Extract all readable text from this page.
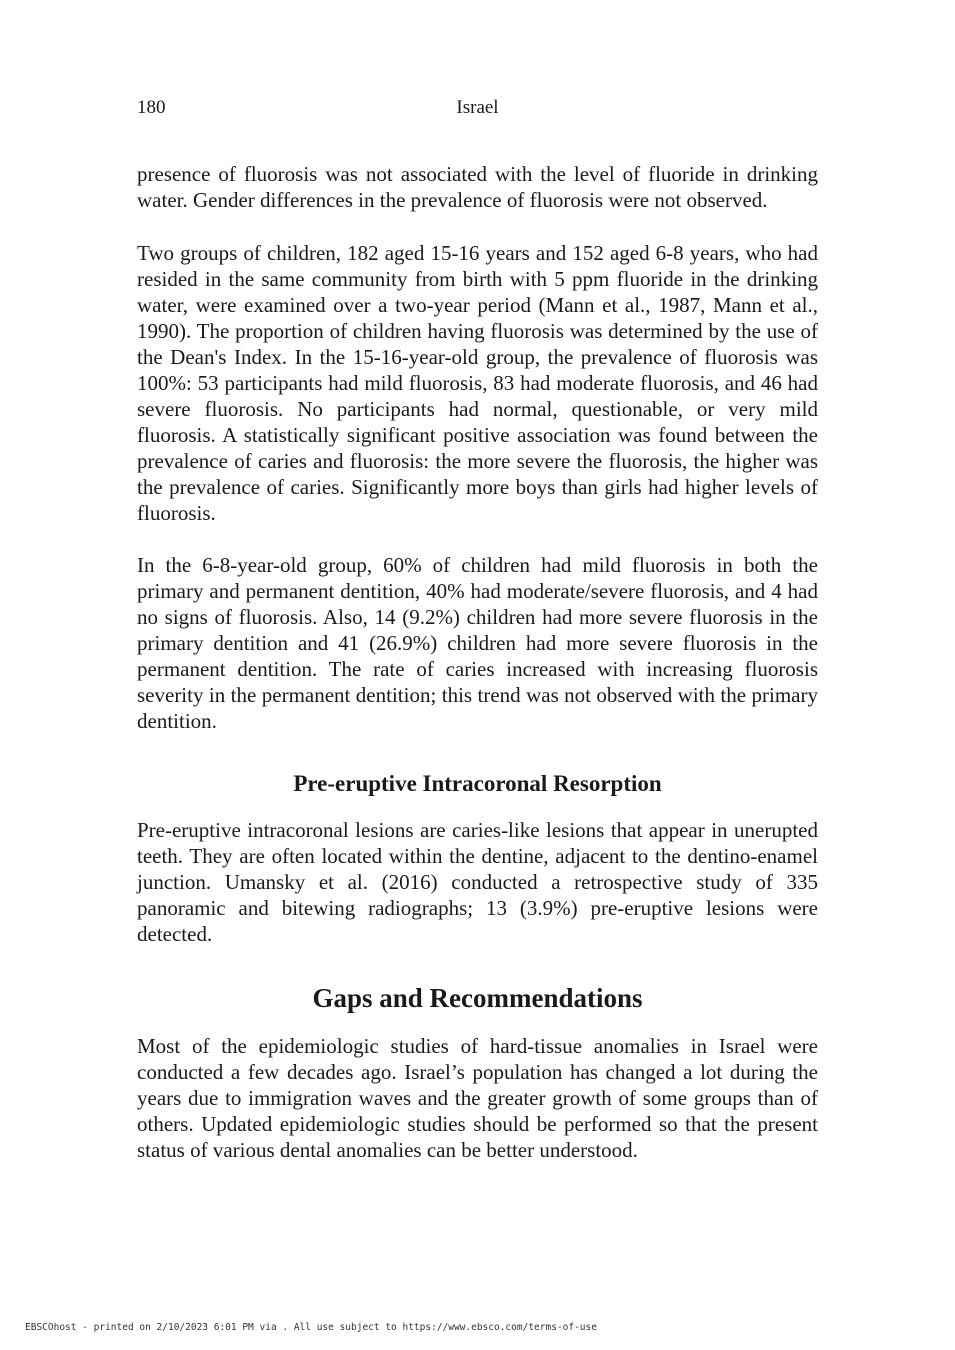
Israel
180

presence of fluorosis was not associated with the level of fluoride in drinking water. Gender differences in the prevalence of fluorosis were not observed.

Two groups of children, 182 aged 15-16 years and 152 aged 6-8 years, who had resided in the same community from birth with 5 ppm fluoride in the drinking water, were examined over a two-year period (Mann et al., 1987, Mann et al., 1990). The proportion of children having fluorosis was determined by the use of the Dean's Index. In the 15-16-year-old group, the prevalence of fluorosis was 100%: 53 participants had mild fluorosis, 83 had moderate fluorosis, and 46 had severe fluorosis. No participants had normal, questionable, or very mild fluorosis. A statistically significant positive association was found between the prevalence of caries and fluorosis: the more severe the fluorosis, the higher was the prevalence of caries. Significantly more boys than girls had higher levels of fluorosis.

In the 6-8-year-old group, 60% of children had mild fluorosis in both the primary and permanent dentition, 40% had moderate/severe fluorosis, and 4 had no signs of fluorosis. Also, 14 (9.2%) children had more severe fluorosis in the primary dentition and 41 (26.9%) children had more severe fluorosis in the permanent dentition. The rate of caries increased with increasing fluorosis severity in the permanent dentition; this trend was not observed with the primary dentition.

Pre-eruptive Intracoronal Resorption

Pre-eruptive intracoronal lesions are caries-like lesions that appear in unerupted teeth. They are often located within the dentine, adjacent to the dentino-enamel junction. Umansky et al. (2016) conducted a retrospective study of 335 panoramic and bitewing radiographs; 13 (3.9%) pre-eruptive lesions were detected.

Gaps and Recommendations

Most of the epidemiologic studies of hard-tissue anomalies in Israel were conducted a few decades ago. Israel’s population has changed a lot during the years due to immigration waves and the greater growth of some groups than of others. Updated epidemiologic studies should be performed so that the present status of various dental anomalies can be better understood.

EBSCOhost - printed on 2/10/2023 6:01 PM via . All use subject to https://www.ebsco.com/terms-of-use
